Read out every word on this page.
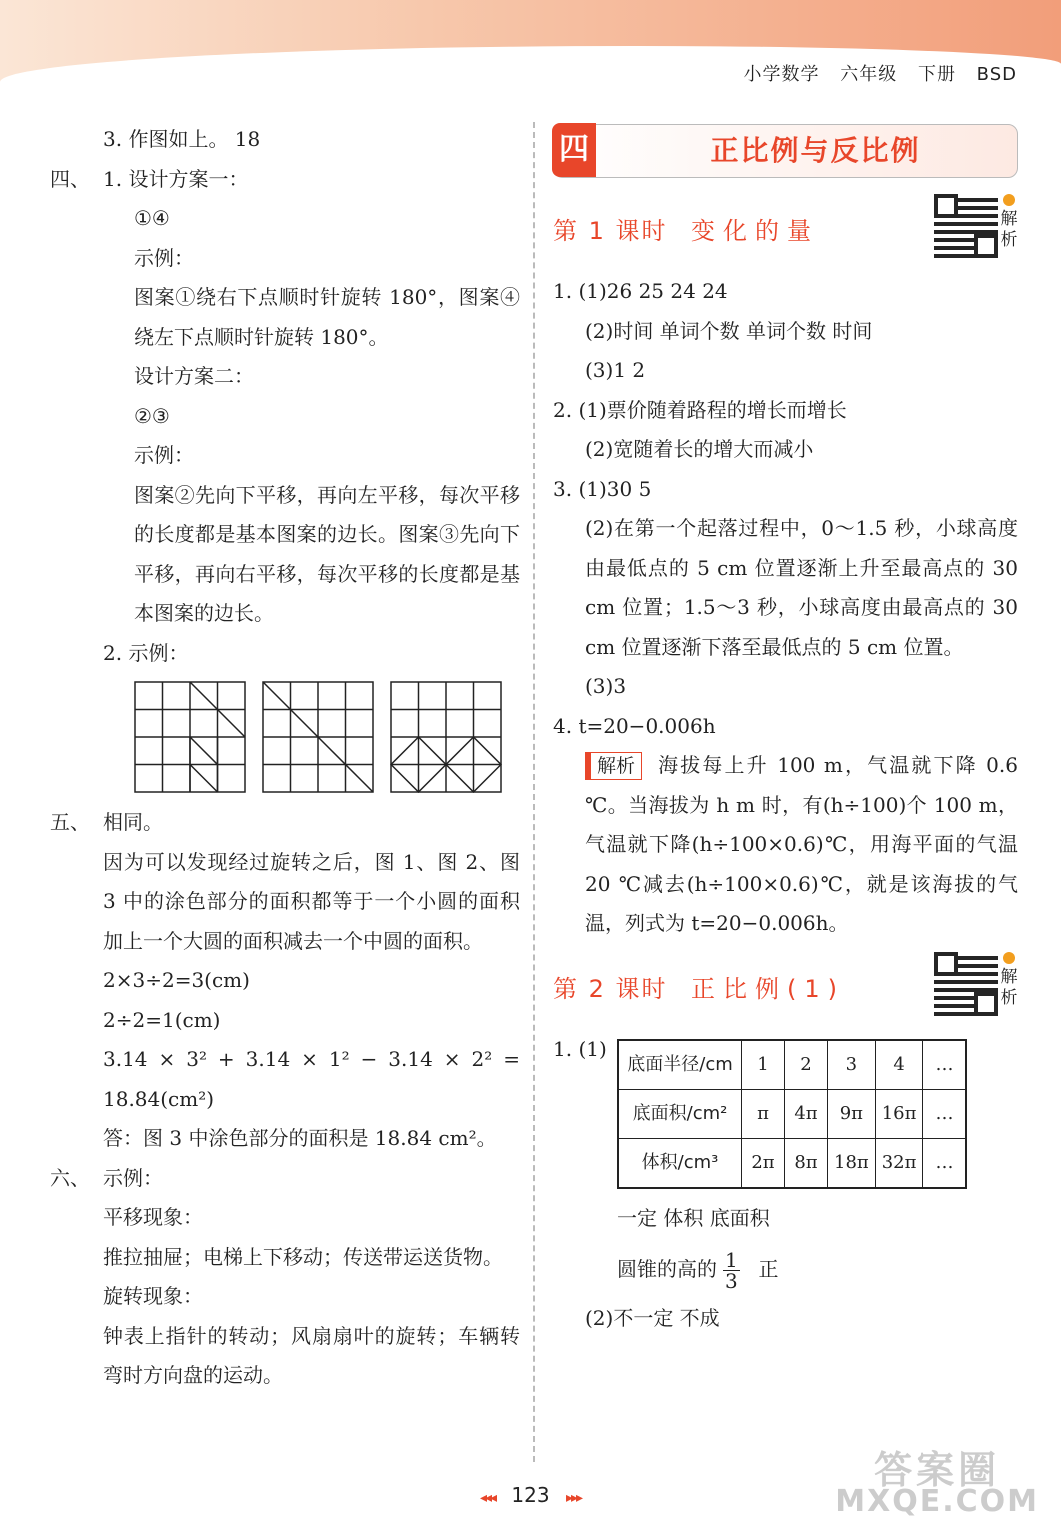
小学数学 六年级 下册 BSD
3. 作图如上。 18
四、 1. 设计方案一：
①④
示例：
图案①绕右下点顺时针旋转 180°，图案④绕左下点顺时针旋转 180°。
设计方案二：
②③
示例：
图案②先向下平移，再向左平移，每次平移的长度都是基本图案的边长。图案③先向下平移，再向右平移，每次平移的长度都是基本图案的边长。
2. 示例：
五、 相同。
因为可以发现经过旋转之后，图 1、图 2、图 3 中的涂色部分的面积都等于一个小圆的面积加上一个大圆的面积减去一个中圆的面积。
2×3÷2=3(cm)
2÷2=1(cm)
3.14 × 3² + 3.14 × 1² − 3.14 × 2² = 18.84(cm²)
答：图 3 中涂色部分的面积是 18.84 cm²。
六、 示例：
平移现象：
推拉抽屉；电梯上下移动；传送带运送货物。
旋转现象：
钟表上指针的转动；风扇扇叶的旋转；车辆转弯时方向盘的运动。
四	正比例与反比例
第 1 课时 变化的量	解析
1. (1)26 25 24 24
(2)时间 单词个数 单词个数 时间
(3)1 2
2. (1)票价随着路程的增长而增长
(2)宽随着长的增大而减小
3. (1)30 5
(2)在第一个起落过程中，0～1.5 秒，小球高度由最低点的 5 cm 位置逐渐上升至最高点的 30 cm 位置；1.5～3 秒，小球高度由最高点的 30 cm 位置逐渐下落至最低点的 5 cm 位置。
(3)3
4. t=20−0.006h
解析 海拔每上升 100 m，气温就下降 0.6 ℃。当海拔为 h m 时，有(h÷100)个 100 m，气温就下降(h÷100×0.6)℃，用海平面的气温 20 ℃减去(h÷100×0.6)℃，就是该海拔的气温，列式为 t=20−0.006h。
第 2 课时 正比例(1)	解析
1. (1)
底面半径/cm	1	2	3	4	…
底面积/cm²	π	4π	9π	16π	…
体积/cm³	2π	8π	18π	32π	…
一定 体积 底面积
圆锥的高的 $\frac{1}{3}$ 正
(2)不一定 不成
◂◂◂ 123 ▸▸▸
答案圈
MXQE.COM
